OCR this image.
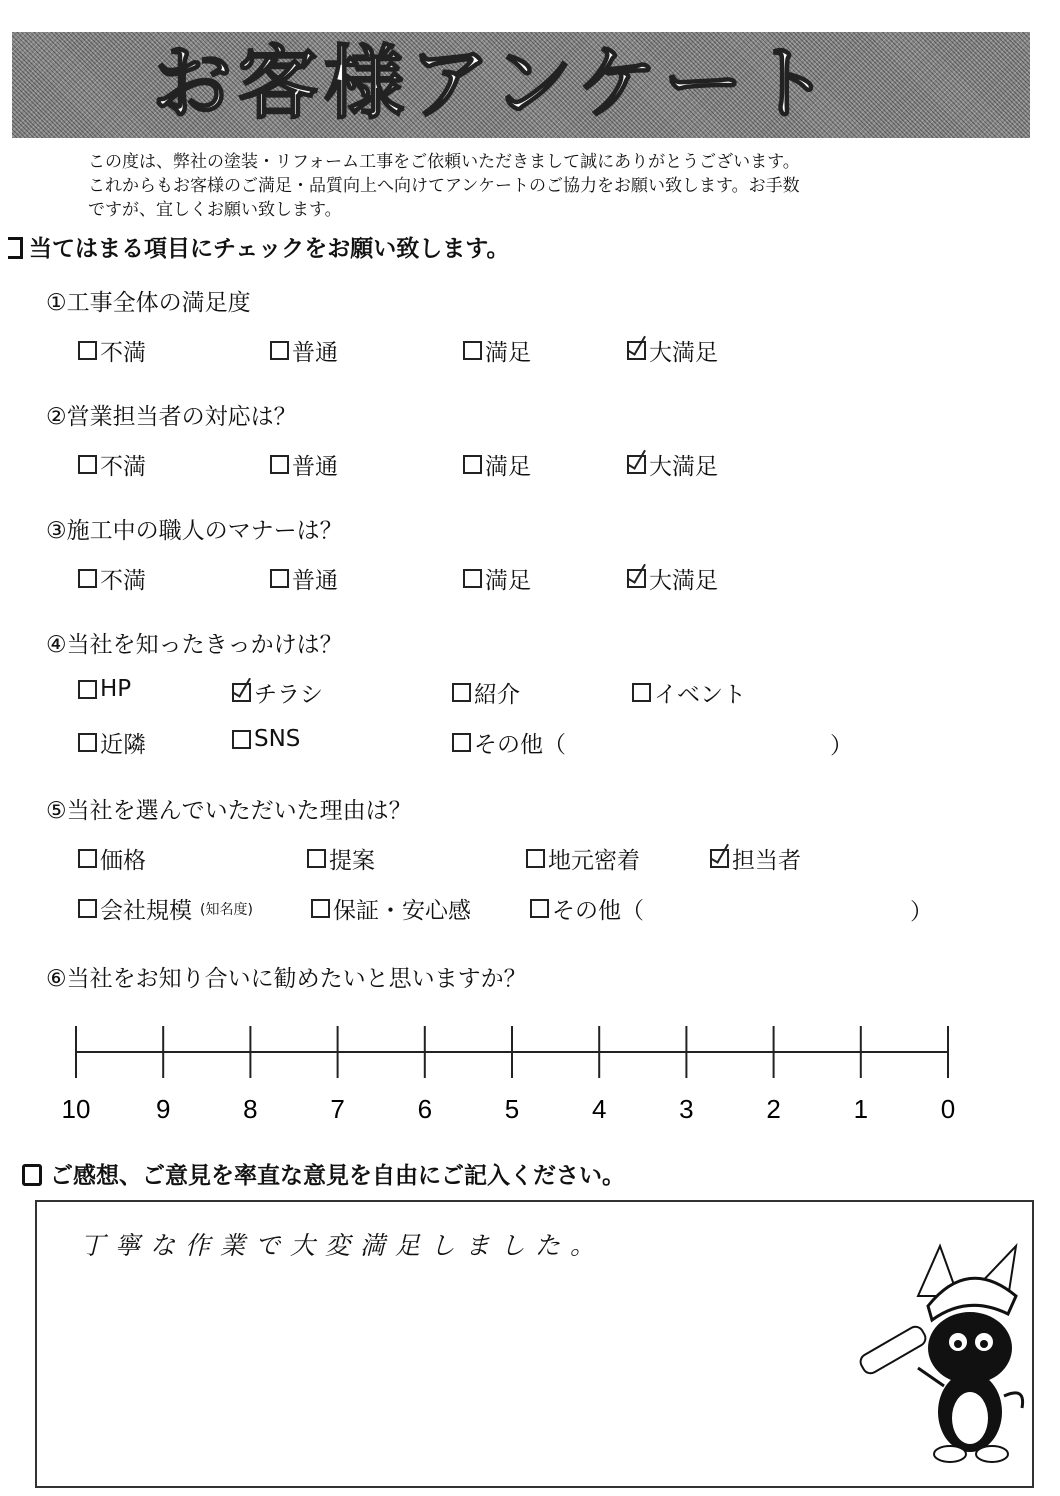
お客様アンケート
この度は、弊社の塗装・リフォーム工事をご依頼いただきまして誠にありがとうございます。
これからもお客様のご満足・品質向上へ向けてアンケートのご協力をお願い致します。お手数
ですが、宜しくお願い致します。
当てはまる項目にチェックをお願い致します。
①工事全体の満足度
不満	普通	満足	大満足
②営業担当者の対応は？
不満	普通	満足	大満足
③施工中の職人のマナーは？
不満	普通	満足	大満足
④当社を知ったきっかけは？
HP	チラシ	紹介	イベント
近隣	SNS	その他（	）
⑤当社を選んでいただいた理由は？
価格	提案	地元密着	担当者
会社規模 (知名度)	保証・安心感	その他（	）
⑥当社をお知り合いに勧めたいと思いますか？
10	9	8	7	6	5	4	3	2	1	0
ご感想、ご意見を率直な意見を自由にご記入ください。
丁寧な作業で大変満足しました。
